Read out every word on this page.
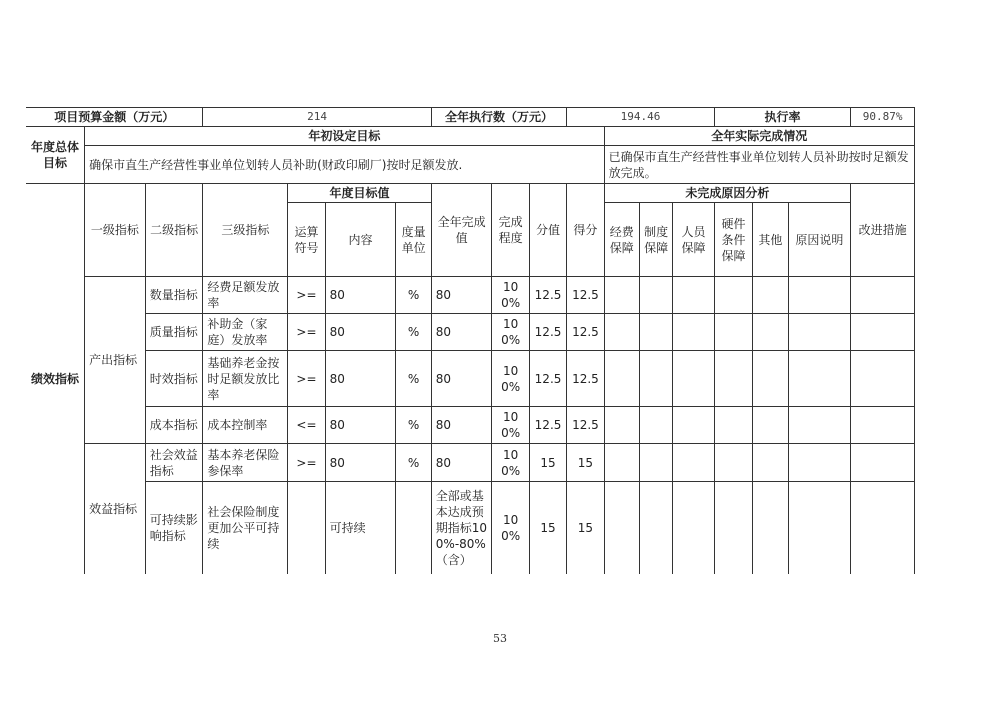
项目预算金额（万元）			214				全年执行数（万元）			194.46				执行率			90.87%
年度总体目标	年初设定目标										全年实际完成情况						
	确保市直生产经营性事业单位划转人员补助(财政印刷厂)按时足额发放.										已确保市直生产经营性事业单位划转人员补助按时足额发放完成。						
绩效指标	一级指标	二级指标	三级指标	年度目标值			全年完成值	完成程度	分值	得分	未完成原因分析						改进措施
				运算符号	内容	度量单位					经费保障	制度保障	人员保障	硬件条件保障	其他	原因说明	
	产出指标	数量指标	经费足额发放率	>=	80	%	80	100%	12.5	12.5							
		质量指标	补助金（家庭）发放率	>=	80	%	80	100%	12.5	12.5							
		时效指标	基础养老金按时足额发放比率	>=	80	%	80	100%	12.5	12.5							
		成本指标	成本控制率	<=	80	%	80	100%	12.5	12.5							
	效益指标	社会效益指标	基本养老保险参保率	>=	80	%	80	100%	15	15							
		可持续影响指标	社会保险制度更加公平可持续		可持续		全部或基本达成预期指标100%-80%（含）	100%	15	15							
53
